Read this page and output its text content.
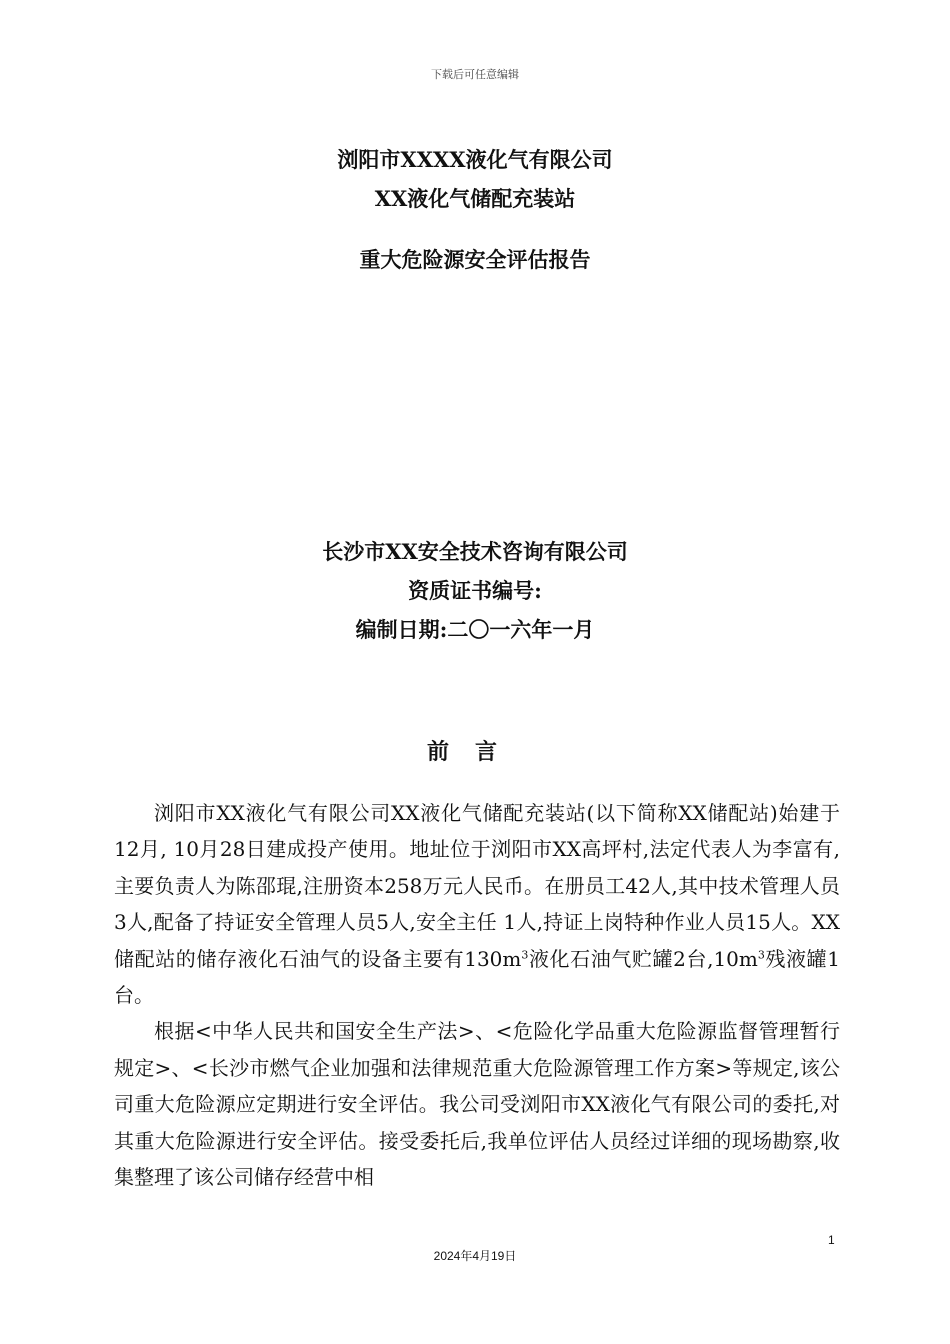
下载后可任意编辑
浏阳市XXXX液化气有限公司
XX液化气储配充装站
重大危险源安全评估报告
长沙市XX安全技术咨询有限公司
资质证书编号:
编制日期:二〇一六年一月
前言

浏阳市XX液化气有限公司XX液化气储配充装站(以下简称XX储配站)始建于 12月, 10月28日建成投产使用。地址位于浏阳市XX高坪村,法定代表人为李富有,主要负责人为陈邵琨,注册资本258万元人民币。在册员工42人,其中技术管理人员3人,配备了持证安全管理人员5人,安全主任 1人,持证上岗特种作业人员15人。XX储配站的储存液化石油气的设备主要有$130m^3$液化石油气贮罐2台$,10m^3$残液罐1台。

根据<中华人民共和国安全生产法>、<危险化学品重大危险源监督管理暂行规定>、<长沙市燃气企业加强和法律规范重大危险源管理工作方案>等规定,该公司重大危险源应定期进行安全评估。我公司受浏阳市XX液化气有限公司的委托,对其重大危险源进行安全评估。接受委托后,我单位评估人员经过详细的现场勘察,收集整理了该公司储存经营中相

1
2024年4月19日
